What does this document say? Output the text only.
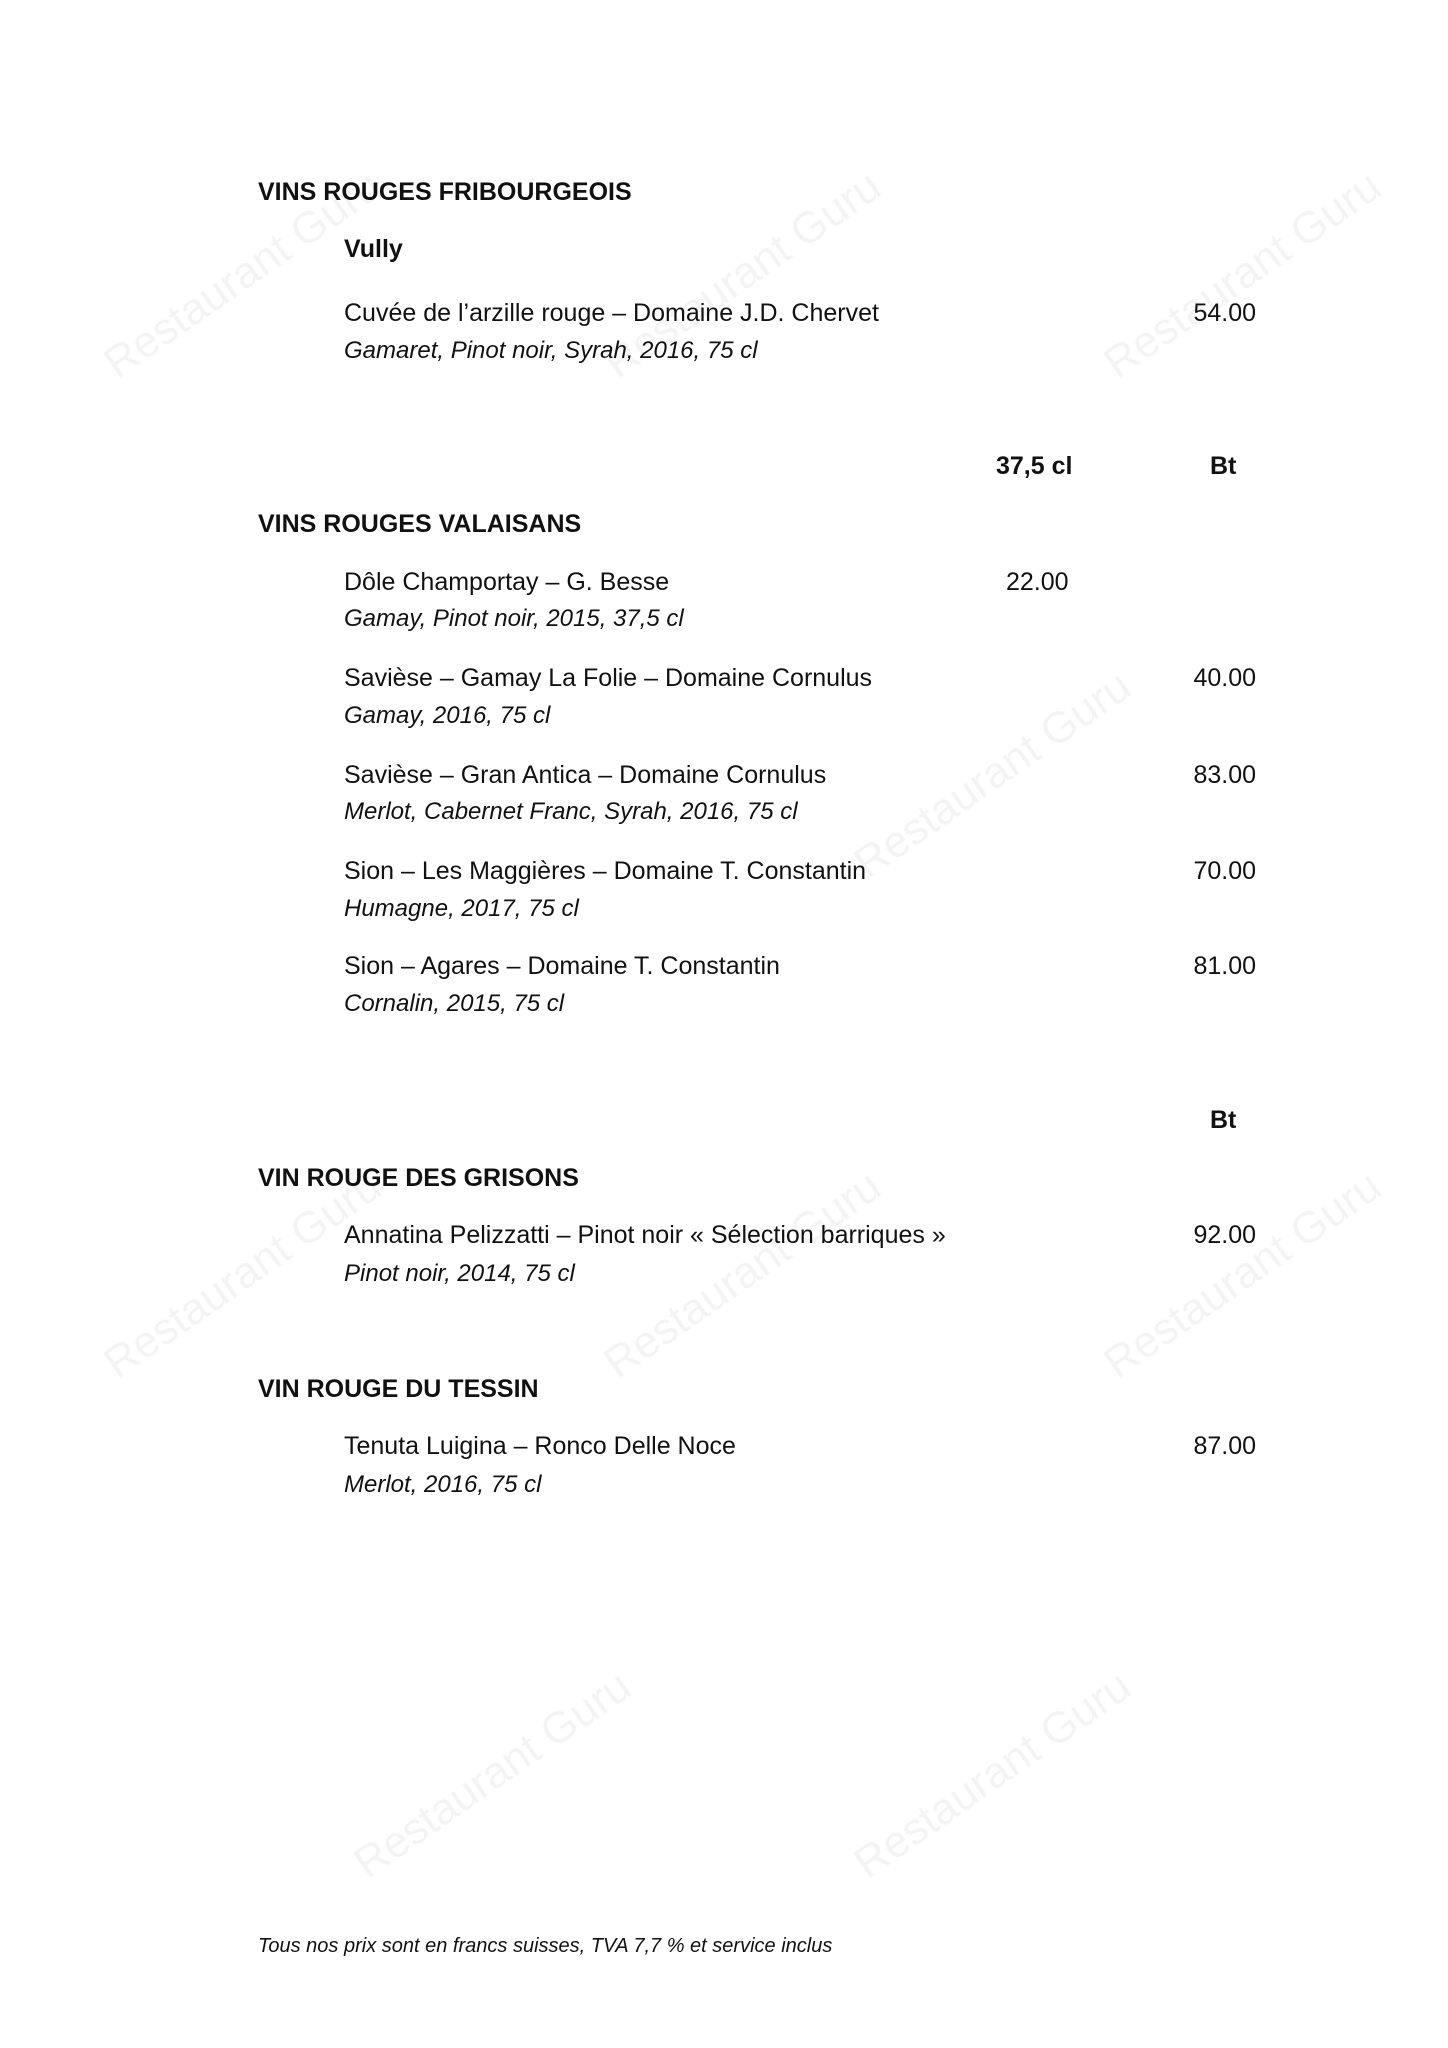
VINS ROUGES FRIBOURGEOIS
Vully
Cuvée de l’arzille rouge – Domaine J.D. Chervet	54.00
Gamaret, Pinot noir, Syrah, 2016, 75 cl
37,5 cl	Bt
VINS ROUGES VALAISANS
Dôle Champortay – G. Besse	22.00
Gamay, Pinot noir, 2015, 37,5 cl
Savièse – Gamay La Folie – Domaine Cornulus	40.00
Gamay, 2016, 75 cl
Savièse – Gran Antica – Domaine Cornulus	83.00
Merlot, Cabernet Franc, Syrah, 2016, 75 cl
Sion – Les Maggières – Domaine T. Constantin	70.00
Humagne, 2017, 75 cl
Sion – Agares – Domaine T. Constantin	81.00
Cornalin, 2015, 75 cl
Bt
VIN ROUGE DES GRISONS
Annatina Pelizzatti – Pinot noir « Sélection barriques »	92.00
Pinot noir, 2014, 75 cl
VIN ROUGE DU TESSIN
Tenuta Luigina – Ronco Delle Noce	87.00
Merlot, 2016, 75 cl
Tous nos prix sont en francs suisses, TVA 7,7 % et service inclus
